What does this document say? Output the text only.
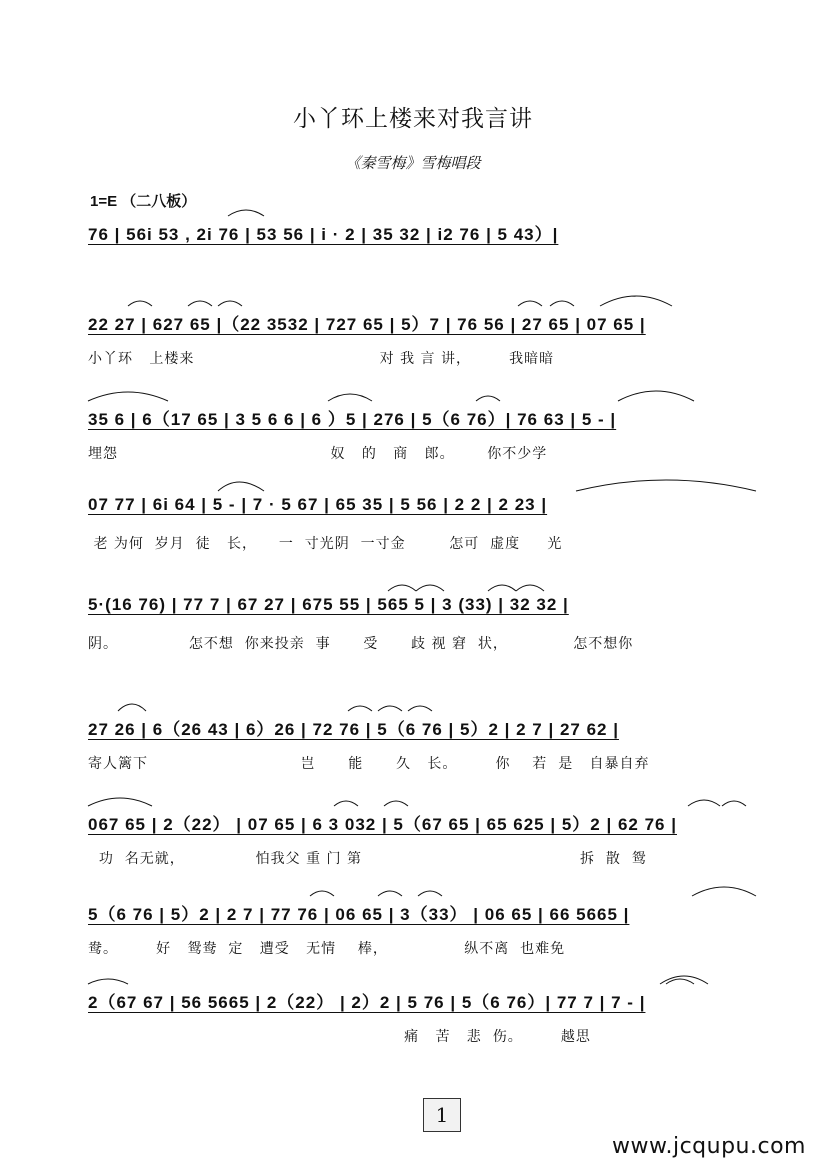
小丫环上楼来对我言讲
《秦雪梅》雪梅唱段
1=E （二八板）
76 | 56i 53 , 2i 76 | 53 56 | i · 2 | 35 32 | i2 76 | 5 43）|
22 27 | 627 65 |（22 3532 | 727 65 | 5）7 | 76 56 | 27 65 | 07 65 |
小丫环   上楼来                                  对 我 言 讲，       我暗暗
35 6 | 6（17 65 | 3 5 6 6 | 6 ）5 | 276 | 5（6 76）| 76 63 | 5 - |
埋怨                                       奴   的   商   郎。      你不少学
07 77 | 6i 64 | 5 - | 7 · 5 67 | 65 35 | 5 56 | 2 2 | 2 23 |
老 为何  岁月  徒   长，    一  寸光阴  一寸金        怎可  虚度     光
5·(16 76) | 77 7 | 67 27 | 675 55 | 565 5 | 3 (33) | 32 32 |
阴。             怎不想  你来投亲  事      受      歧 视 窘  状，            怎不想你
27 26 | 6（26 43 | 6）26 | 72 76 | 5（6 76 | 5）2 | 2 7 | 27 62 |
寄人篱下                            岂      能      久   长。       你    若  是   自暴自弃
067 65 | 2（22） | 07 65 | 6 3 032 | 5（67 65 | 65 625 | 5）2 | 62 76 |
功  名无就，             怕我父 重 门 第                                        拆  散  鸳
5（6 76 | 5）2 | 2 7 | 77 76 | 06 65 | 3（33） | 06 65 | 66 5665 |
鸯。       好   鸳鸯  定   遭受   无情    棒，              纵不离  也难免
2（67 67 | 56 5665 | 2（22） | 2）2 | 5 76 | 5（6 76）| 77 7 | 7 - |
痛   苦   悲  伤。       越思
1
www.jcqupu.com
